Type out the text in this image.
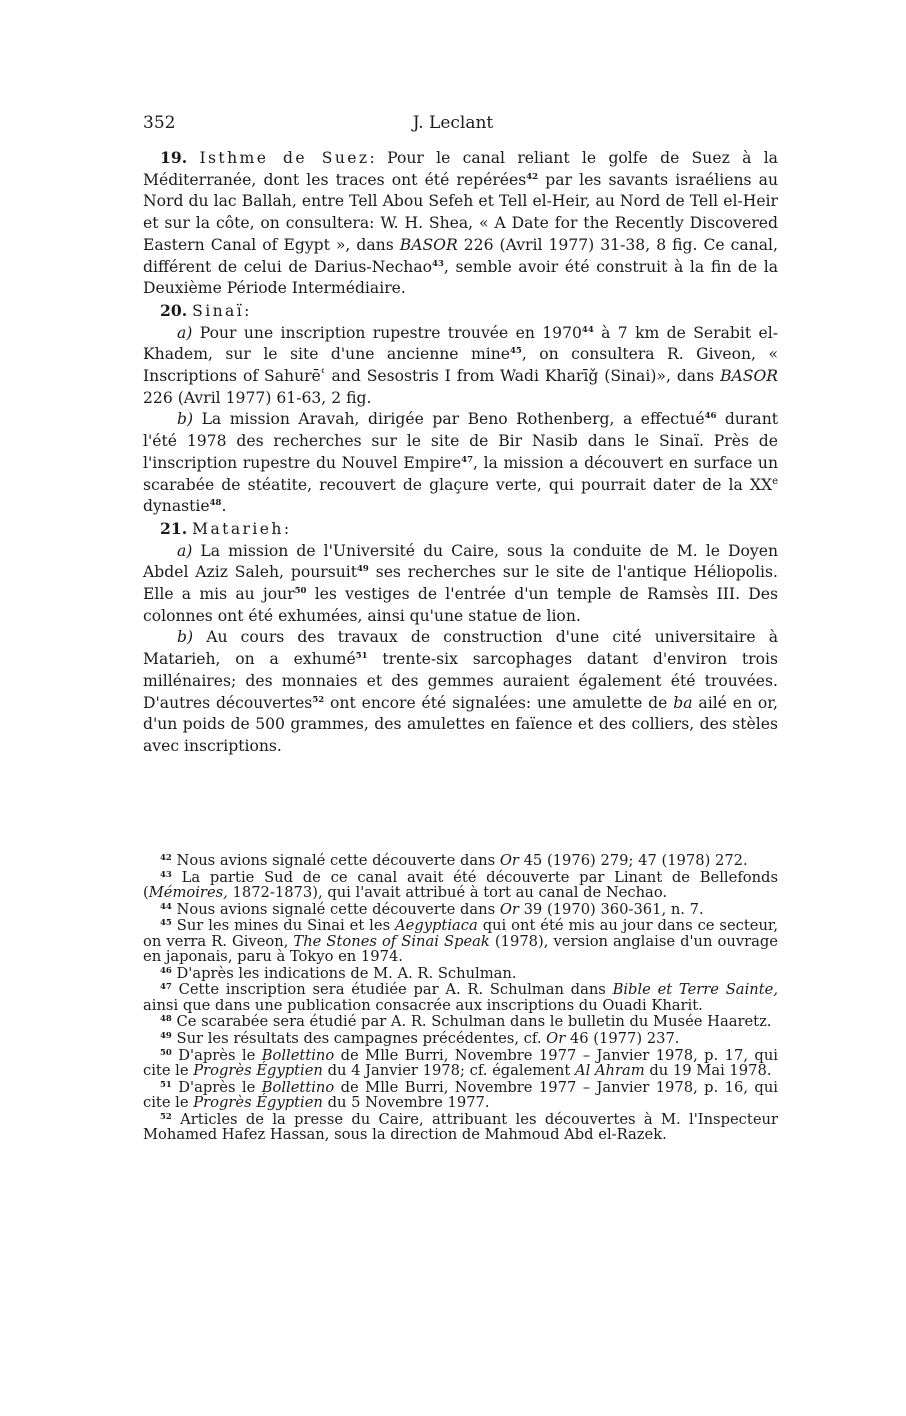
352	J. Leclant

19. Isthme de Suez: Pour le canal reliant le golfe de Suez à la Méditerranée, dont les traces ont été repérées$^{42}$ par les savants israéliens au Nord du lac Ballah, entre Tell Abou Sefeh et Tell el-Heir, au Nord de Tell el-Heir et sur la côte, on consultera: W. H. Shea, « A Date for the Recently Discovered Eastern Canal of Egypt », dans BASOR 226 (Avril 1977) 31-38, 8 fig. Ce canal, différent de celui de Darius-Nechao$^{43}$, semble avoir été construit à la fin de la Deuxième Période Intermédiaire.

20. Sinaï:

a) Pour une inscription rupestre trouvée en 1970$^{44}$ à 7 km de Serabit el-Khadem, sur le site d'une ancienne mine$^{45}$, on consultera R. Giveon, « Inscriptions of Sahurēʿ and Sesostris I from Wadi Kharīǧ (Sinai)», dans BASOR 226 (Avril 1977) 61-63, 2 fig.

b) La mission Aravah, dirigée par Beno Rothenberg, a effectué$^{46}$ durant l'été 1978 des recherches sur le site de Bir Nasib dans le Sinaï. Près de l'inscription rupestre du Nouvel Empire$^{47}$, la mission a découvert en surface un scarabée de stéatite, recouvert de glaçure verte, qui pourrait dater de la XXe dynastie$^{48}$.

21. Matarieh:

a) La mission de l'Université du Caire, sous la conduite de M. le Doyen Abdel Aziz Saleh, poursuit$^{49}$ ses recherches sur le site de l'antique Héliopolis. Elle a mis au jour$^{50}$ les vestiges de l'entrée d'un temple de Ramsès III. Des colonnes ont été exhumées, ainsi qu'une statue de lion.

b) Au cours des travaux de construction d'une cité universitaire à Matarieh, on a exhumé$^{51}$ trente-six sarcophages datant d'environ trois millénaires; des monnaies et des gemmes auraient également été trouvées. D'autres découvertes$^{52}$ ont encore été signalées: une amulette de ba ailé en or, d'un poids de 500 grammes, des amulettes en faïence et des colliers, des stèles avec inscriptions.

$^{42}$ Nous avions signalé cette découverte dans Or 45 (1976) 279; 47 (1978) 272.

$^{43}$ La partie Sud de ce canal avait été découverte par Linant de Bellefonds (Mémoires, 1872-1873), qui l'avait attribué à tort au canal de Nechao.

$^{44}$ Nous avions signalé cette découverte dans Or 39 (1970) 360-361, n. 7.

$^{45}$ Sur les mines du Sinai et les Aegyptiaca qui ont été mis au jour dans ce secteur, on verra R. Giveon, The Stones of Sinai Speak (1978), version anglaise d'un ouvrage en japonais, paru à Tokyo en 1974.

$^{46}$ D'après les indications de M. A. R. Schulman.

$^{47}$ Cette inscription sera étudiée par A. R. Schulman dans Bible et Terre Sainte, ainsi que dans une publication consacrée aux inscriptions du Ouadi Kharit.

$^{48}$ Ce scarabée sera étudié par A. R. Schulman dans le bulletin du Musée Haaretz.

$^{49}$ Sur les résultats des campagnes précédentes, cf. Or 46 (1977) 237.

$^{50}$ D'après le Bollettino de Mlle Burri, Novembre 1977 – Janvier 1978, p. 17, qui cite le Progrès Égyptien du 4 Janvier 1978; cf. également Al Ahram du 19 Mai 1978.

$^{51}$ D'après le Bollettino de Mlle Burri, Novembre 1977 – Janvier 1978, p. 16, qui cite le Progrès Égyptien du 5 Novembre 1977.

$^{52}$ Articles de la presse du Caire, attribuant les découvertes à M. l'Inspecteur Mohamed Hafez Hassan, sous la direction de Mahmoud Abd el-Razek.
